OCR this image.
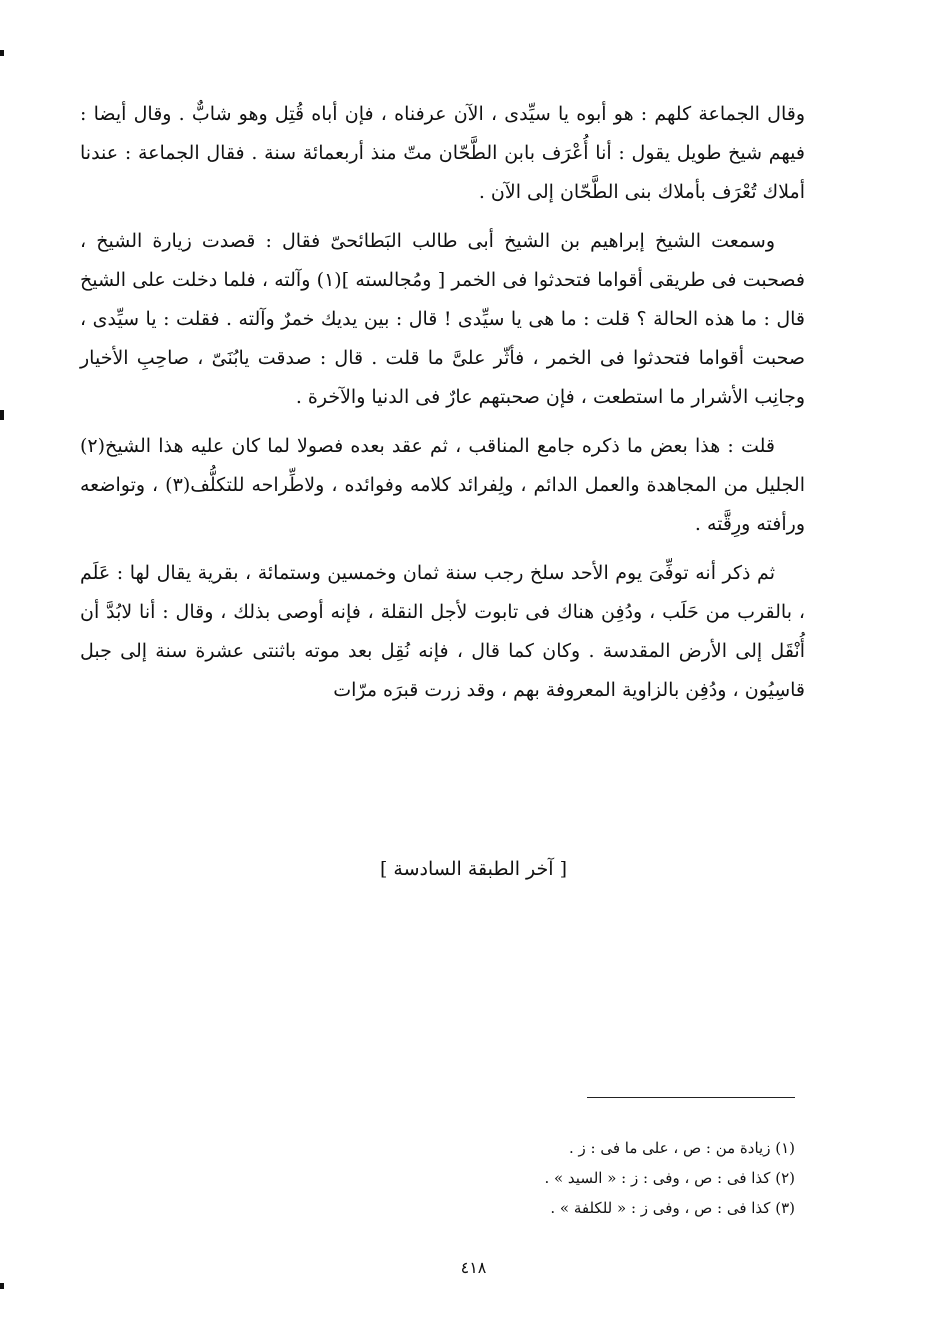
وقال الجماعة كلهم : هو أبوه يا سيِّدى ، الآن عرفناه ، فإن أباه قُتِل وهو شابٌّ . وقال أيضا : فيهم شيخ طويل يقول : أنا أُعْرَف بابن الطَّحّان متّ منذ أربعمائة سنة . فقال الجماعة : عندنا أملاك تُعْرَف بأملاك بنى الطَّحّان إلى الآن .

وسمعت الشيخ إبراهيم بن الشيخ أبى طالب البَطائحىّ فقال : قصدت زيارة الشيخ ، فصحبت فى طريقى أقواما فتحدثوا فى الخمر [ ومُجالسته ](١) وآلته ، فلما دخلت على الشيخ قال : ما هذه الحالة ؟ قلت : ما هى يا سيِّدى ! قال : بين يديك خمرٌ وآلته . فقلت : يا سيِّدى ، صحبت أقواما فتحدثوا فى الخمر ، فأثّر علىَّ ما قلت . قال : صدقت يابُنَىّ ، صاحِبِ الأخيار وجانِب الأشرار ما استطعت ، فإن صحبتهم عارٌ فى الدنيا والآخرة .

قلت : هذا بعض ما ذكره جامع المناقب ، ثم عقد بعده فصولا لما كان عليه هذا الشيخ(٢) الجليل من المجاهدة والعمل الدائم ، ولِفرائد كلامه وفوائده ، ولاطِّراحه للتكلُّف(٣) ، وتواضعه ورأفته ورِقَّته .

ثم ذكر أنه توفِّىَ يوم الأحد سلخ رجب سنة ثمان وخمسين وستمائة ، بقرية يقال لها : عَلَم ، بالقرب من حَلَب ، ودُفِن هناك فى تابوت لأجل النقلة ، فإنه أوصى بذلك ، وقال : أنا لابُدَّ أن أُنْقَل إلى الأرض المقدسة . وكان كما قال ، فإنه نُقِل بعد موته باثنتى عشرة سنة إلى جبل قاسِيُون ، ودُفِن بالزاوية المعروفة بهم ، وقد زرت قبرَه مرّات

[ آخر الطبقة السادسة ]
(١) زيادة من : ص ، على ما فى : ز .
(٢) كذا فى : ص ، وفى : ز : « السيد » .
(٣) كذا فى : ص ، وفى ز : « للكلفة » .
٤١٨
